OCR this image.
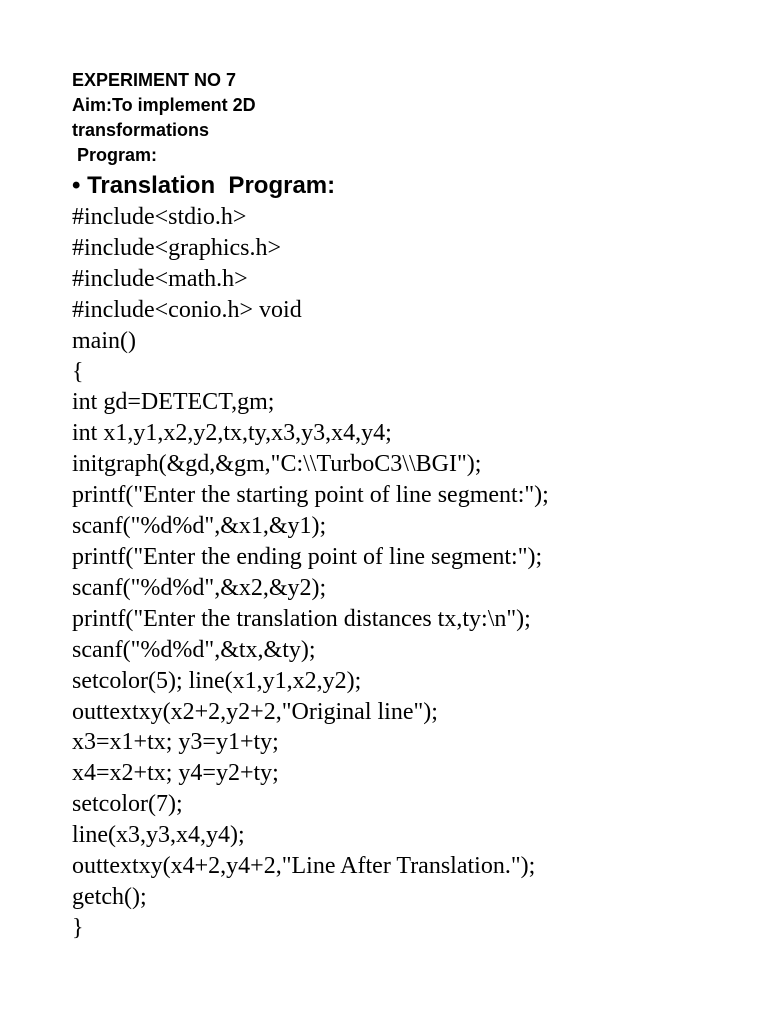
EXPERIMENT NO 7
Aim:To implement 2D
transformations
Program:
• Translation  Program:
#include<stdio.h>
#include<graphics.h>
#include<math.h>
#include<conio.h> void
main()
{
int gd=DETECT,gm;
int x1,y1,x2,y2,tx,ty,x3,y3,x4,y4;
initgraph(&gd,&gm,"C:\\TurboC3\\BGI");
printf("Enter the starting point of line segment:");
scanf("%d%d",&x1,&y1);
printf("Enter the ending point of line segment:");
scanf("%d%d",&x2,&y2);
printf("Enter the translation distances tx,ty:\n");
scanf("%d%d",&tx,&ty);
setcolor(5); line(x1,y1,x2,y2);
outtextxy(x2+2,y2+2,"Original line");
x3=x1+tx; y3=y1+ty;
x4=x2+tx; y4=y2+ty;
setcolor(7);
line(x3,y3,x4,y4);
outtextxy(x4+2,y4+2,"Line After Translation.");
getch();
}
